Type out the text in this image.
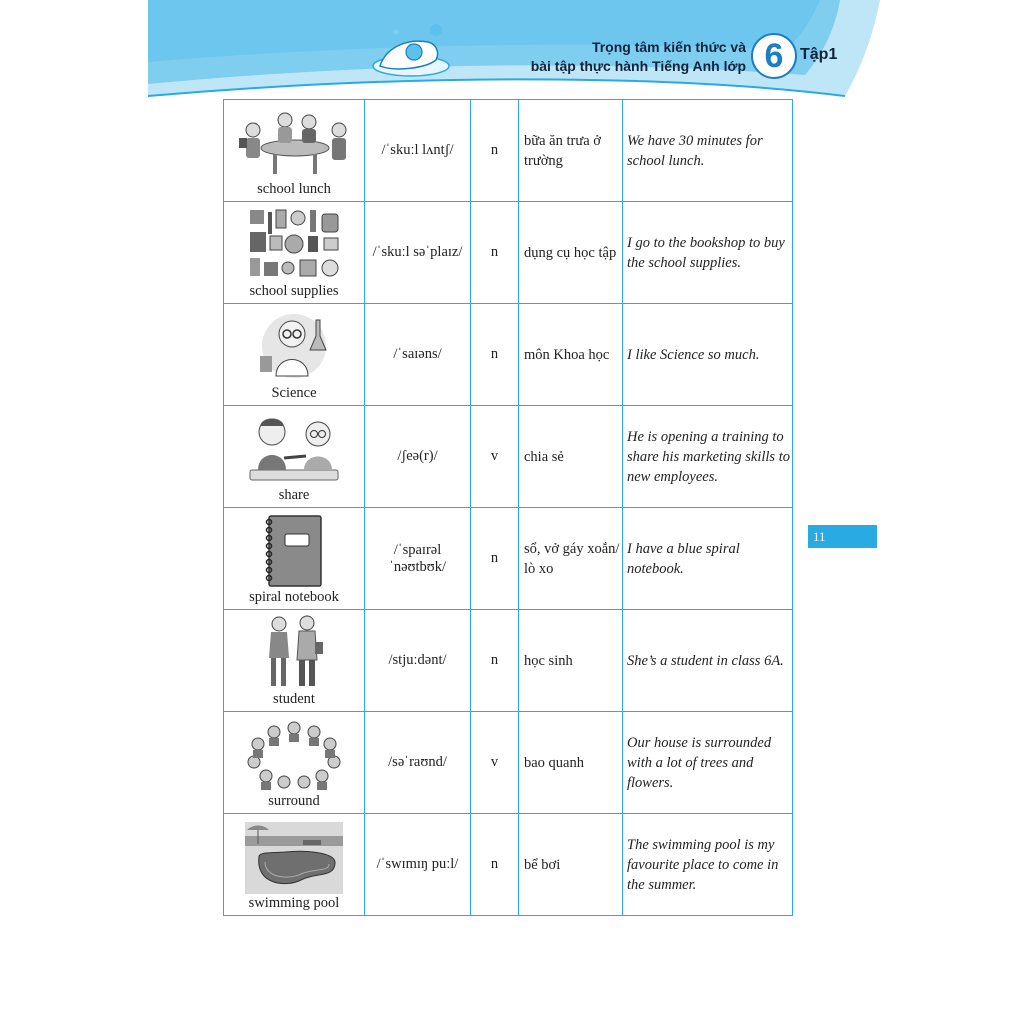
Trọng tâm kiến thức và
bài tập thực hành Tiếng Anh lớp 6	Tập1
11
school lunch	/ˈskuːl lʌntʃ/	n	bữa ăn trưa ở trường	We have 30 minutes for school lunch.

school supplies	/ˈskuːl səˈplaɪz/	n	dụng cụ học tập	I go to the bookshop to buy the school supplies.

Science	/ˈsaɪəns/	n	môn Khoa học	I like Science so much.

share	/ʃeə(r)/	v	chia sẻ	He is opening a training to share his marketing skills to new employees.

spiral notebook	/ˈspaɪrəl ˈnəʊtbʊk/	n	sổ, vở gáy xoắn/ lò xo	I have a blue spiral notebook.

student	/stjuːdənt/	n	học sinh	She’s a student in class 6A.

surround	/səˈraʊnd/	v	bao quanh	Our house is surrounded with a lot of trees and flowers.

swimming pool	/ˈswɪmɪŋ puːl/	n	bể bơi	The swimming pool is my favourite place to come in the summer.
